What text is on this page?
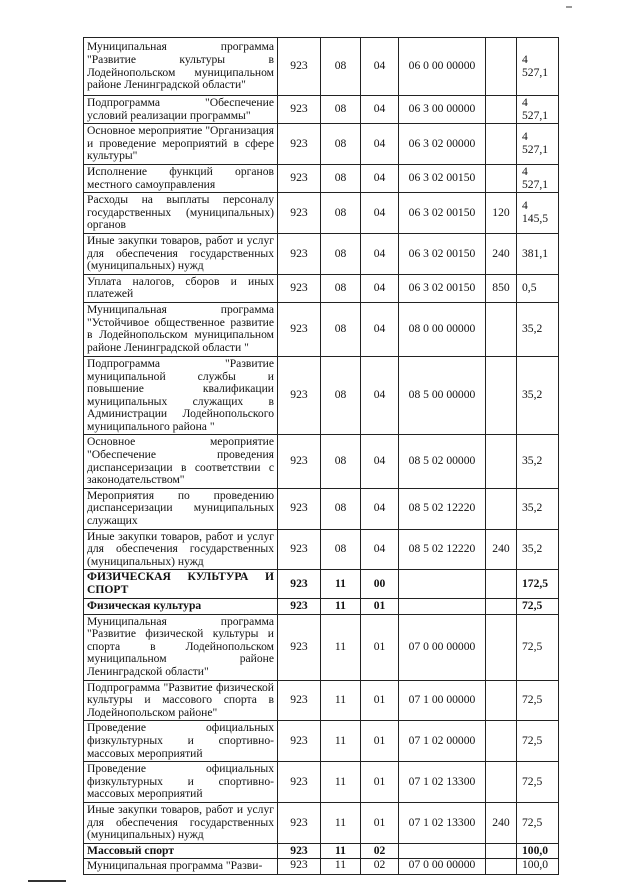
Муниципальная программа "Развитие культуры в Лодейнопольском муниципальном районе Ленинградской области"	923	08	04	06 0 00 00000		4 527,1
Подпрограмма "Обеспечение условий реализации программы"	923	08	04	06 3 00 00000		4 527,1
Основное мероприятие "Организация и проведение мероприятий в сфере культуры"	923	08	04	06 3 02 00000		4 527,1
Исполнение функций органов местного самоуправления	923	08	04	06 3 02 00150		4 527,1
Расходы на выплаты персоналу государственных (муниципальных) органов	923	08	04	06 3 02 00150	120	4 145,5
Иные закупки товаров, работ и услуг для обеспечения государственных (муниципальных) нужд	923	08	04	06 3 02 00150	240	381,1
Уплата налогов, сборов и иных платежей	923	08	04	06 3 02 00150	850	0,5
Муниципальная программа "Устойчивое общественное развитие в Лодейнопольском муниципальном районе Ленинградской области "	923	08	04	08 0 00 00000		35,2
Подпрограмма "Развитие муниципальной службы и повышение квалификации муниципальных служащих в Администрации Лодейнопольского муниципального района "	923	08	04	08 5 00 00000		35,2
Основное мероприятие "Обеспечение проведения диспансеризации в соответствии с законодательством"	923	08	04	08 5 02 00000		35,2
Мероприятия по проведению диспансеризации муниципальных служащих	923	08	04	08 5 02 12220		35,2
Иные закупки товаров, работ и услуг для обеспечения государственных (муниципальных) нужд	923	08	04	08 5 02 12220	240	35,2
ФИЗИЧЕСКАЯ КУЛЬТУРА И СПОРТ	923	11	00			172,5
Физическая культура	923	11	01			72,5
Муниципальная программа "Развитие физической культуры и спорта в Лодейнопольском муниципальном районе Ленинградской области"	923	11	01	07 0 00 00000		72,5
Подпрограмма "Развитие физической культуры и массового спорта в Лодейнопольском районе"	923	11	01	07 1 00 00000		72,5
Проведение официальных физкультурных и спортивно-массовых мероприятий	923	11	01	07 1 02 00000		72,5
Проведение официальных физкультурных и спортивно-массовых мероприятий	923	11	01	07 1 02 13300		72,5
Иные закупки товаров, работ и услуг для обеспечения государственных (муниципальных) нужд	923	11	01	07 1 02 13300	240	72,5
Массовый спорт	923	11	02			100,0
Муниципальная программа "Разви-	923	11	02	07 0 00 00000		100,0
